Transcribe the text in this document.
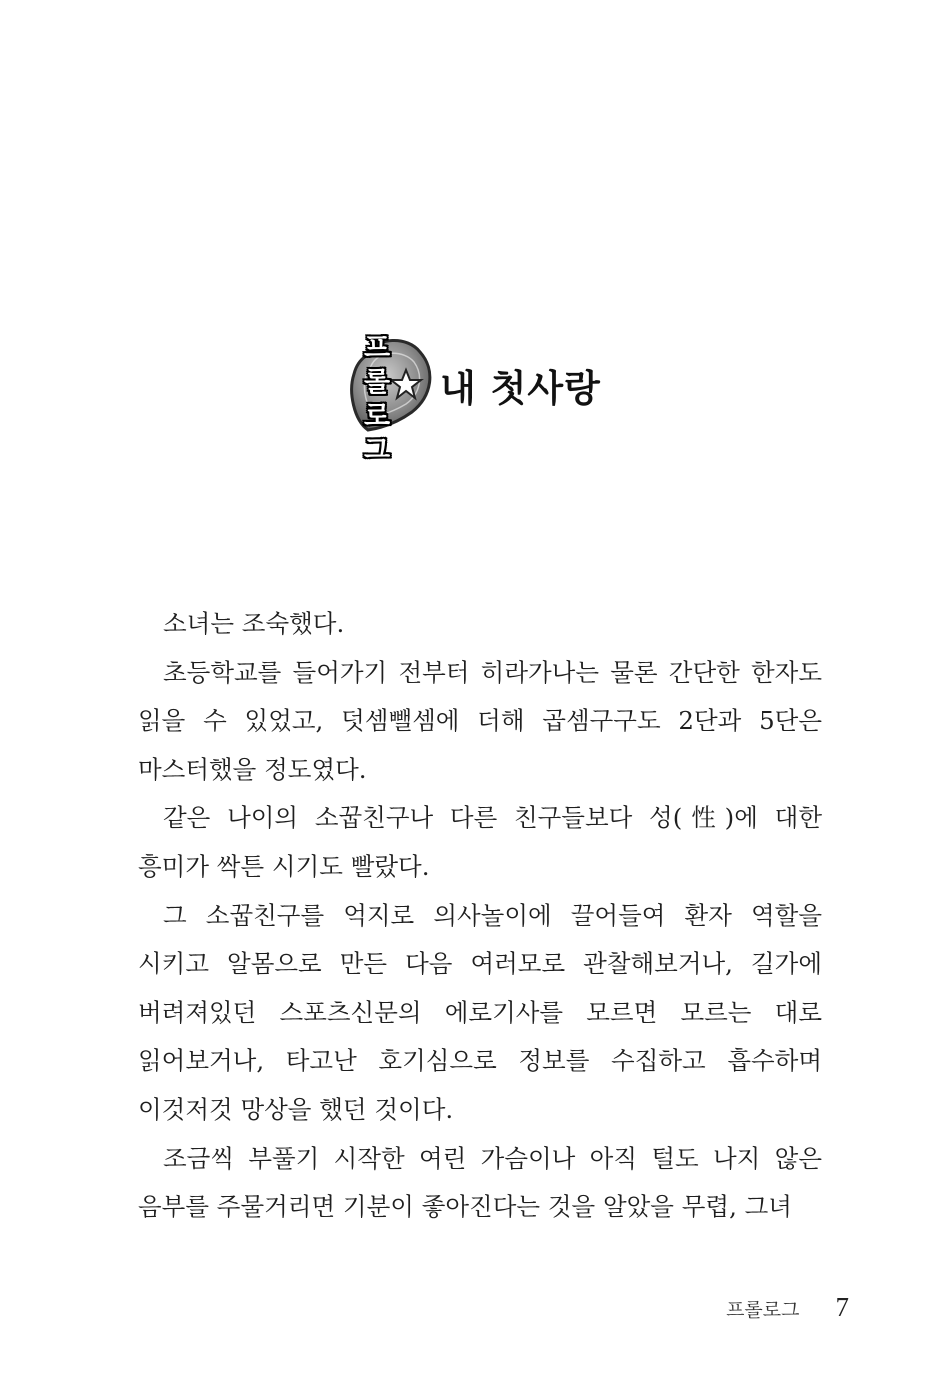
프
롤
로
그
내 첫사랑

소녀는 조숙했다.

초등학교를 들어가기 전부터 히라가나는 물론 간단한 한자도 읽을 수 있었고, 덧셈뺄셈에 더해 곱셈구구도 2단과 5단은 마스터했을 정도였다.

같은 나이의 소꿉친구나 다른 친구들보다 성(性)에 대한 흥미가 싹튼 시기도 빨랐다.

그 소꿉친구를 억지로 의사놀이에 끌어들여 환자 역할을 시키고 알몸으로 만든 다음 여러모로 관찰해보거나, 길가에 버려져있던 스포츠신문의 에로기사를 모르면 모르는 대로 읽어보거나, 타고난 호기심으로 정보를 수집하고 흡수하며 이것저것 망상을 했던 것이다.

조금씩 부풀기 시작한 여린 가슴이나 아직 털도 나지 않은 음부를 주물거리면 기분이 좋아진다는 것을 알았을 무렵, 그녀

프롤로그 7
